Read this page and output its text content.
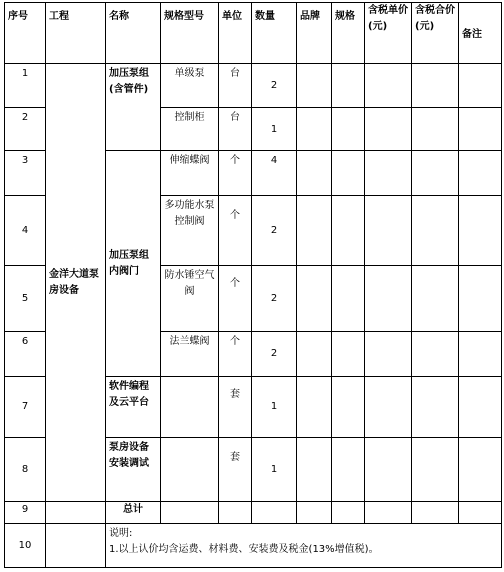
序号	工程	名称	规格型号	单位	数量	品牌	规格	含税单价(元)	含税合价(元)	备注
1	金洋大道泵房设备	加压泵组(含管件)	单级泵	台	2					
2			控制柜	台	1					
3		加压泵组内阀门	伸缩蝶阀	个	4					
4			多功能水泵控制阀	个	2					
5			防水锤空气阀	个	2					
6			法兰蝶阀	个	2					
7		软件编程及云平台		套	1					
8		泵房设备安装调试		套	1					
9		总计								
10		说明:
1.以上认价均含运费、材料费、安装费及税金(13%增值税)。								
